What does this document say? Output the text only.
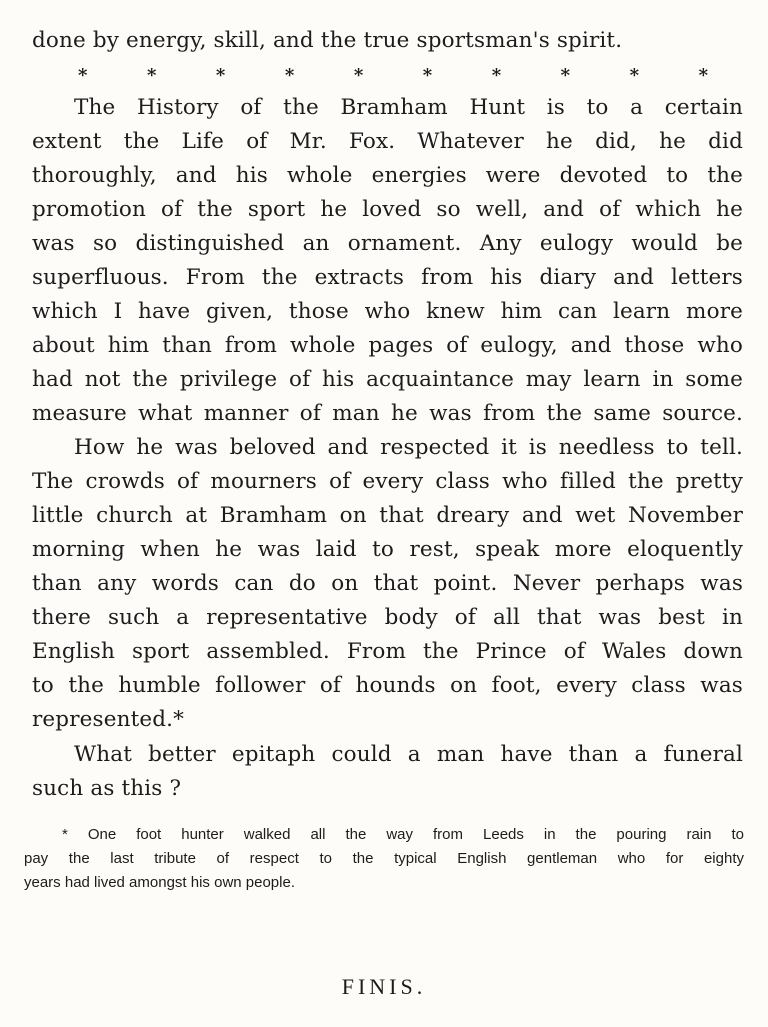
done by energy, skill, and the true sportsman's spirit.
*	*	*	*	*	*	*	*	*	*
The History of the Bramham Hunt is to a certain
extent the Life of Mr. Fox. Whatever he did, he did
thoroughly, and his whole energies were devoted to the
promotion of the sport he loved so well, and of which he
was so distinguished an ornament. Any eulogy would be
superfluous. From the extracts from his diary and letters
which I have given, those who knew him can learn more
about him than from whole pages of eulogy, and those who
had not the privilege of his acquaintance may learn in some
measure what manner of man he was from the same source.
How he was beloved and respected it is needless to tell.
The crowds of mourners of every class who filled the pretty
little church at Bramham on that dreary and wet November
morning when he was laid to rest, speak more eloquently
than any words can do on that point. Never perhaps was
there such a representative body of all that was best in
English sport assembled. From the Prince of Wales down
to the humble follower of hounds on foot, every class was
represented.*
What better epitaph could a man have than a funeral
such as this ?
* One foot hunter walked all the way from Leeds in the pouring rain to
pay the last tribute of respect to the typical English gentleman who for eighty
years had lived amongst his own people.
FINIS.
